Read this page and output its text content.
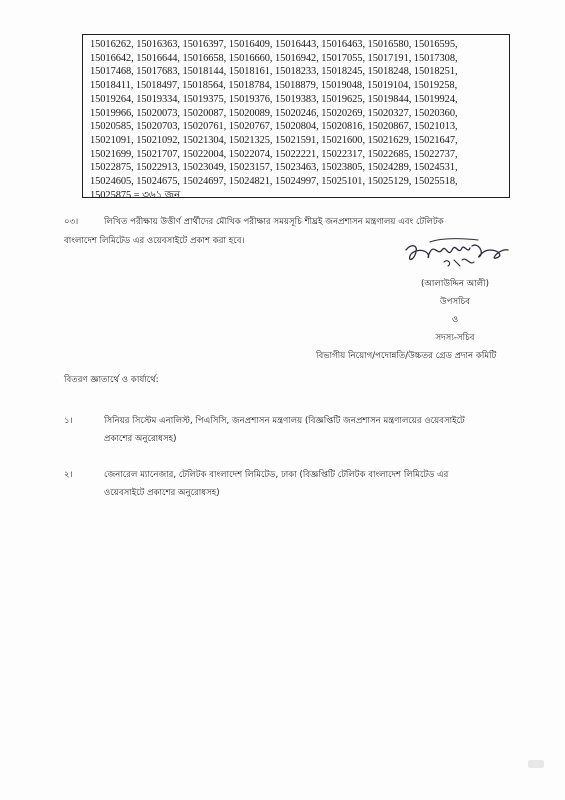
15016262, 15016363, 15016397, 15016409, 15016443, 15016463, 15016580, 15016595,
15016642, 15016644, 15016658, 15016660, 15016942, 15017055, 15017191, 15017308,
15017468, 15017683, 15018144, 15018161, 15018233, 15018245, 15018248, 15018251,
15018411, 15018497, 15018564, 15018784, 15018879, 15019048, 15019104, 15019258,
15019264, 15019334, 15019375, 15019376, 15019383, 15019625, 15019844, 15019924,
15019966, 15020073, 15020087, 15020089, 15020246, 15020269, 15020327, 15020360,
15020585, 15020703, 15020761, 15020767, 15020804, 15020816, 15020867, 15021013,
15021091, 15021092, 15021304, 15021325, 15021591, 15021600, 15021629, 15021647,
15021699, 15021707, 15022004, 15022074, 15022221, 15022317, 15022685, 15022737,
15022875, 15022913, 15023049, 15023157, 15023463, 15023805, 15024289, 15024531,
15024605, 15024675, 15024697, 15024821, 15024997, 15025101, 15025129, 15025518,
15025875 = ৩৬১ জন
০৩।	লিখিত পরীক্ষায় উত্তীর্ণ প্রার্থীদের মৌখিক পরীক্ষার সময়সূচি শীঘ্রই জনপ্রশাসন মন্ত্রণালয় এবং টেলিটক
বাংলাদেশ লিমিটেড এর ওয়েবসাইটে প্রকাশ করা হবে।
(আলাউদ্দিন আলী)
উপসচিব
ও
সদস্য-সচিব
বিভাগীয় নিয়োগ/পদোন্নতি/উচ্চতর গ্রেড প্রদান কমিটি
বিতরণ জ্ঞাতার্থে ও কার্যার্থে:
১।	সিনিয়র সিস্টেম এনালিস্ট, পিএসিসি, জনপ্রশাসন মন্ত্রণালয় (বিজ্ঞপ্তিটি জনপ্রশাসন মন্ত্রণালয়ের ওয়েবসাইটে
প্রকাশের অনুরোধসহ)
২।	জেনারেল ম্যানেজার, টেলিটক বাংলাদেশ লিমিটেড, ঢাকা (বিজ্ঞপ্তিটি টেলিটক বাংলাদেশ লিমিটেড এর
ওয়েবসাইটে প্রকাশের অনুরোধসহ)
